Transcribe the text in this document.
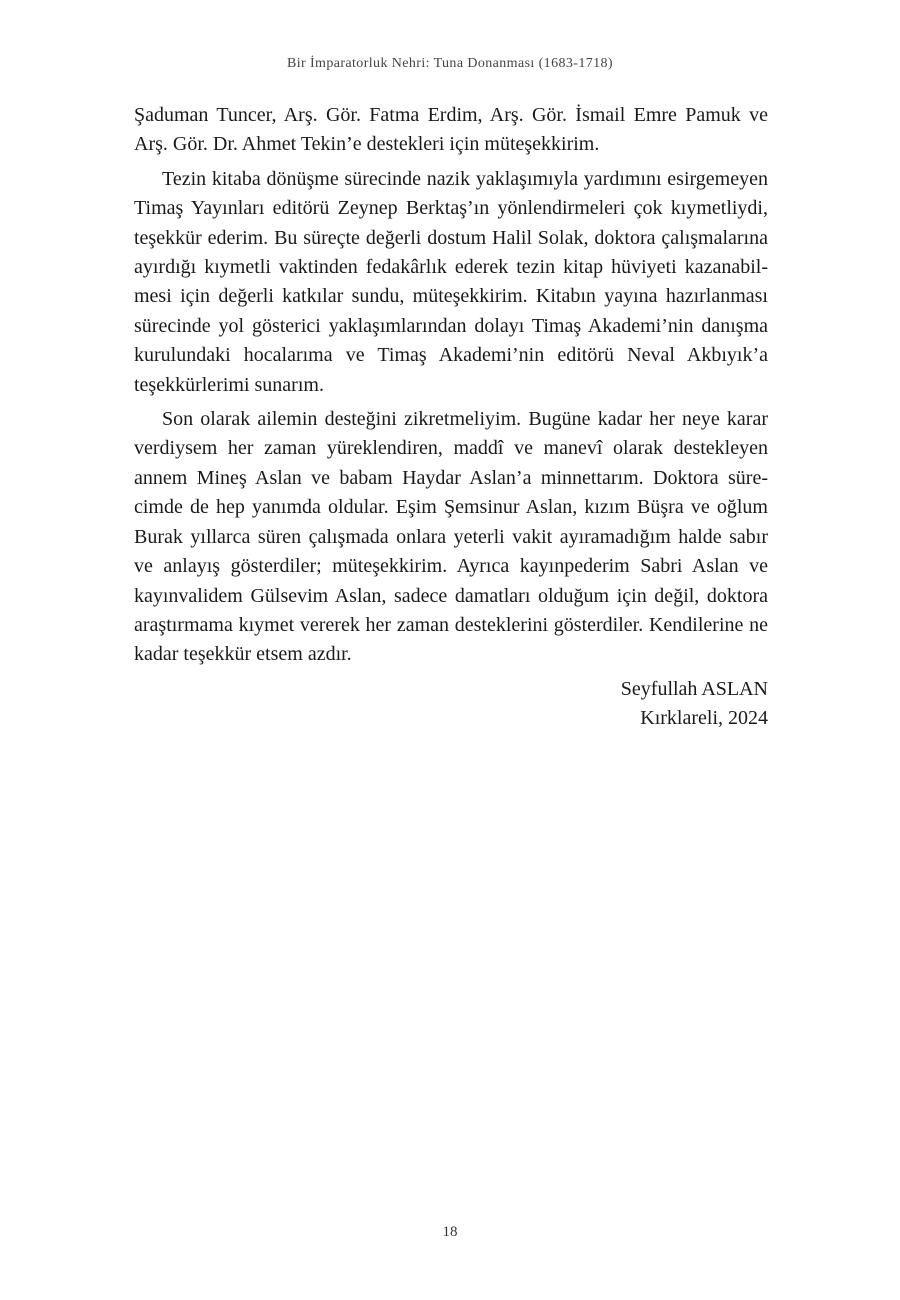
Bir İmparatorluk Nehri: Tuna Donanması (1683-1718)

Şaduman Tuncer, Arş. Gör. Fatma Erdim, Arş. Gör. İsmail Emre Pamuk ve Arş. Gör. Dr. Ahmet Tekin’e destekleri için müteşekkirim.

Tezin kitaba dönüşme sürecinde nazik yaklaşımıyla yardımını esirgemeyen Timaş Yayınları editörü Zeynep Berktaş’ın yönlendirmeleri çok kıymetliydi, teşekkür ederim. Bu süreçte değerli dostum Halil Solak, doktora çalışmalarına ayırdığı kıymetli vaktinden fedakârlık ederek tezin kitap hüviyeti kazanabilmesi için değerli katkılar sundu, müteşekkirim. Kitabın yayına hazırlanması sürecinde yol gösterici yaklaşımlarından dolayı Timaş Akademi’nin danışma kurulundaki hocalarıma ve Timaş Akademi’nin editörü Neval Akbıyık’a teşekkürlerimi sunarım.

Son olarak ailemin desteğini zikretmeliyim. Bugüne kadar her neye karar verdiysem her zaman yüreklendiren, maddî ve manevî olarak destekleyen annem Mineş Aslan ve babam Haydar Aslan’a minnettarım. Doktora sürecimde de hep yanımda oldular. Eşim Şemsinur Aslan, kızım Büşra ve oğlum Burak yıllarca süren çalışmada onlara yeterli vakit ayıramadığım halde sabır ve anlayış gösterdiler; müteşekkirim. Ayrıca kayınpederim Sabri Aslan ve kayınvalidem Gülsevim Aslan, sadece damatları olduğum için değil, doktora araştırmama kıymet vererek her zaman desteklerini gösterdiler. Kendilerine ne kadar teşekkür etsem azdır.

Seyfullah ASLAN
Kırklareli, 2024
18
